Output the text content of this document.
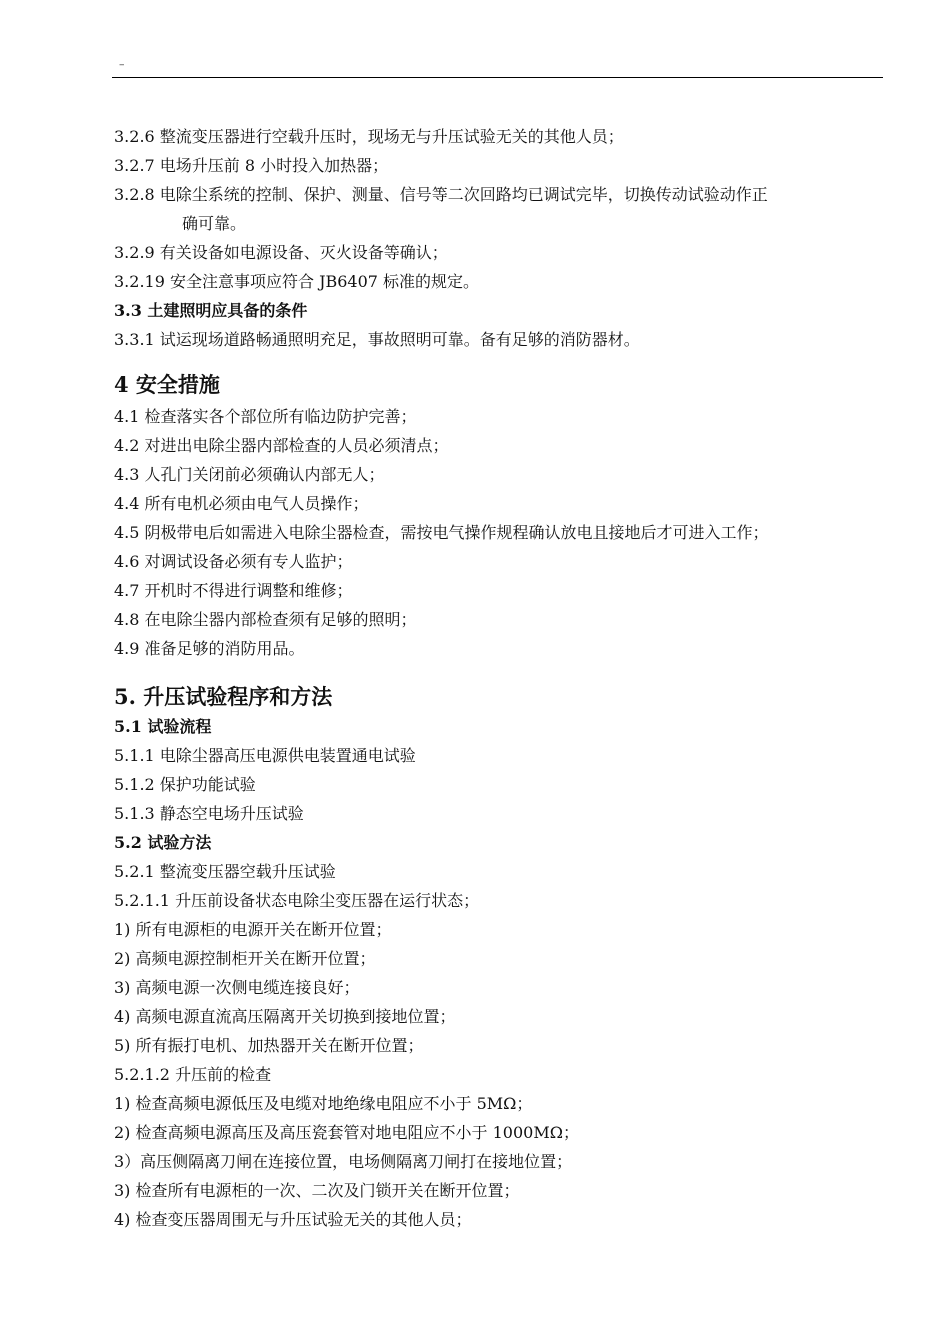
–
3.2.6 整流变压器进行空载升压时，现场无与升压试验无关的其他人员；
3.2.7 电场升压前 8 小时投入加热器；
3.2.8 电除尘系统的控制、保护、测量、信号等二次回路均已调试完毕，切换传动试验动作正
确可靠。
3.2.9 有关设备如电源设备、灭火设备等确认；
3.2.19 安全注意事项应符合 JB6407 标准的规定。
3.3 土建照明应具备的条件
3.3.1 试运现场道路畅通照明充足，事故照明可靠。备有足够的消防器材。
4 安全措施
4.1 检查落实各个部位所有临边防护完善；
4.2 对进出电除尘器内部检查的人员必须清点；
4.3 人孔门关闭前必须确认内部无人；
4.4 所有电机必须由电气人员操作；
4.5 阴极带电后如需进入电除尘器检查，需按电气操作规程确认放电且接地后才可进入工作；
4.6 对调试设备必须有专人监护；
4.7 开机时不得进行调整和维修；
4.8 在电除尘器内部检查须有足够的照明；
4.9 准备足够的消防用品。
5. 升压试验程序和方法
5.1 试验流程
5.1.1 电除尘器高压电源供电装置通电试验
5.1.2 保护功能试验
5.1.3 静态空电场升压试验
5.2 试验方法
5.2.1 整流变压器空载升压试验
5.2.1.1 升压前设备状态电除尘变压器在运行状态；
1) 所有电源柜的电源开关在断开位置；
2) 高频电源控制柜开关在断开位置；
3) 高频电源一次侧电缆连接良好；
4) 高频电源直流高压隔离开关切换到接地位置；
5) 所有振打电机、加热器开关在断开位置；
5.2.1.2 升压前的检查
1) 检查高频电源低压及电缆对地绝缘电阻应不小于 5MΩ；
2) 检查高频电源高压及高压瓷套管对地电阻应不小于 1000MΩ；
3）高压侧隔离刀闸在连接位置，电场侧隔离刀闸打在接地位置；
3) 检查所有电源柜的一次、二次及门锁开关在断开位置；
4) 检查变压器周围无与升压试验无关的其他人员；
